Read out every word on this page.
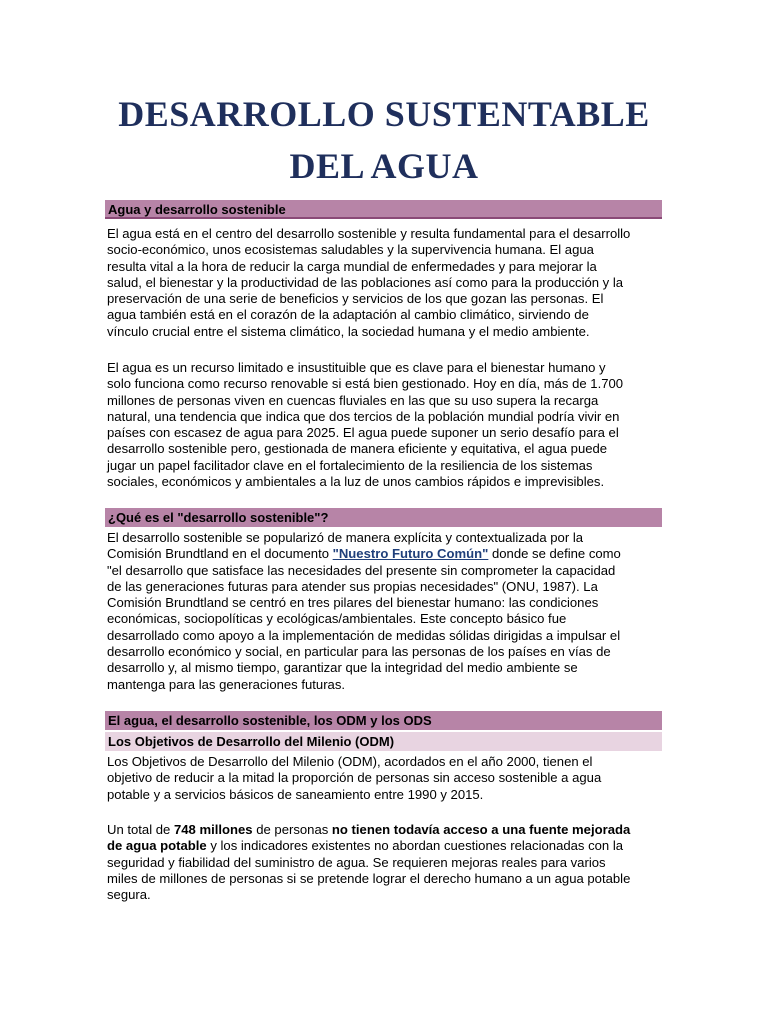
DESARROLLO SUSTENTABLE
DEL AGUA
Agua y desarrollo sostenible

El agua está en el centro del desarrollo sostenible y resulta fundamental para el desarrollo
socio-económico, unos ecosistemas saludables y la supervivencia humana. El agua
resulta vital a la hora de reducir la carga mundial de enfermedades y para mejorar la
salud, el bienestar y la productividad de las poblaciones así como para la producción y la
preservación de una serie de beneficios y servicios de los que gozan las personas. El
agua también está en el corazón de la adaptación al cambio climático, sirviendo de
vínculo crucial entre el sistema climático, la sociedad humana y el medio ambiente.

El agua es un recurso limitado e insustituible que es clave para el bienestar humano y
solo funciona como recurso renovable si está bien gestionado. Hoy en día, más de 1.700
millones de personas viven en cuencas fluviales en las que su uso supera la recarga
natural, una tendencia que indica que dos tercios de la población mundial podría vivir en
países con escasez de agua para 2025. El agua puede suponer un serio desafío para el
desarrollo sostenible pero, gestionada de manera eficiente y equitativa, el agua puede
jugar un papel facilitador clave en el fortalecimiento de la resiliencia de los sistemas
sociales, económicos y ambientales a la luz de unos cambios rápidos e imprevisibles.

¿Qué es el "desarrollo sostenible"?

El desarrollo sostenible se popularizó de manera explícita y contextualizada por la
Comisión Brundtland en el documento "Nuestro Futuro Común" donde se define como
"el desarrollo que satisface las necesidades del presente sin comprometer la capacidad
de las generaciones futuras para atender sus propias necesidades" (ONU, 1987). La
Comisión Brundtland se centró en tres pilares del bienestar humano: las condiciones
económicas, sociopolíticas y ecológicas/ambientales. Este concepto básico fue
desarrollado como apoyo a la implementación de medidas sólidas dirigidas a impulsar el
desarrollo económico y social, en particular para las personas de los países en vías de
desarrollo y, al mismo tiempo, garantizar que la integridad del medio ambiente se
mantenga para las generaciones futuras.

El agua, el desarrollo sostenible, los ODM y los ODS
Los Objetivos de Desarrollo del Milenio (ODM)

Los Objetivos de Desarrollo del Milenio (ODM), acordados en el año 2000, tienen el
objetivo de reducir a la mitad la proporción de personas sin acceso sostenible a agua
potable y a servicios básicos de saneamiento entre 1990 y 2015.

Un total de 748 millones de personas no tienen todavía acceso a una fuente mejorada
de agua potable y los indicadores existentes no abordan cuestiones relacionadas con la
seguridad y fiabilidad del suministro de agua. Se requieren mejoras reales para varios
miles de millones de personas si se pretende lograr el derecho humano a un agua potable
segura.
